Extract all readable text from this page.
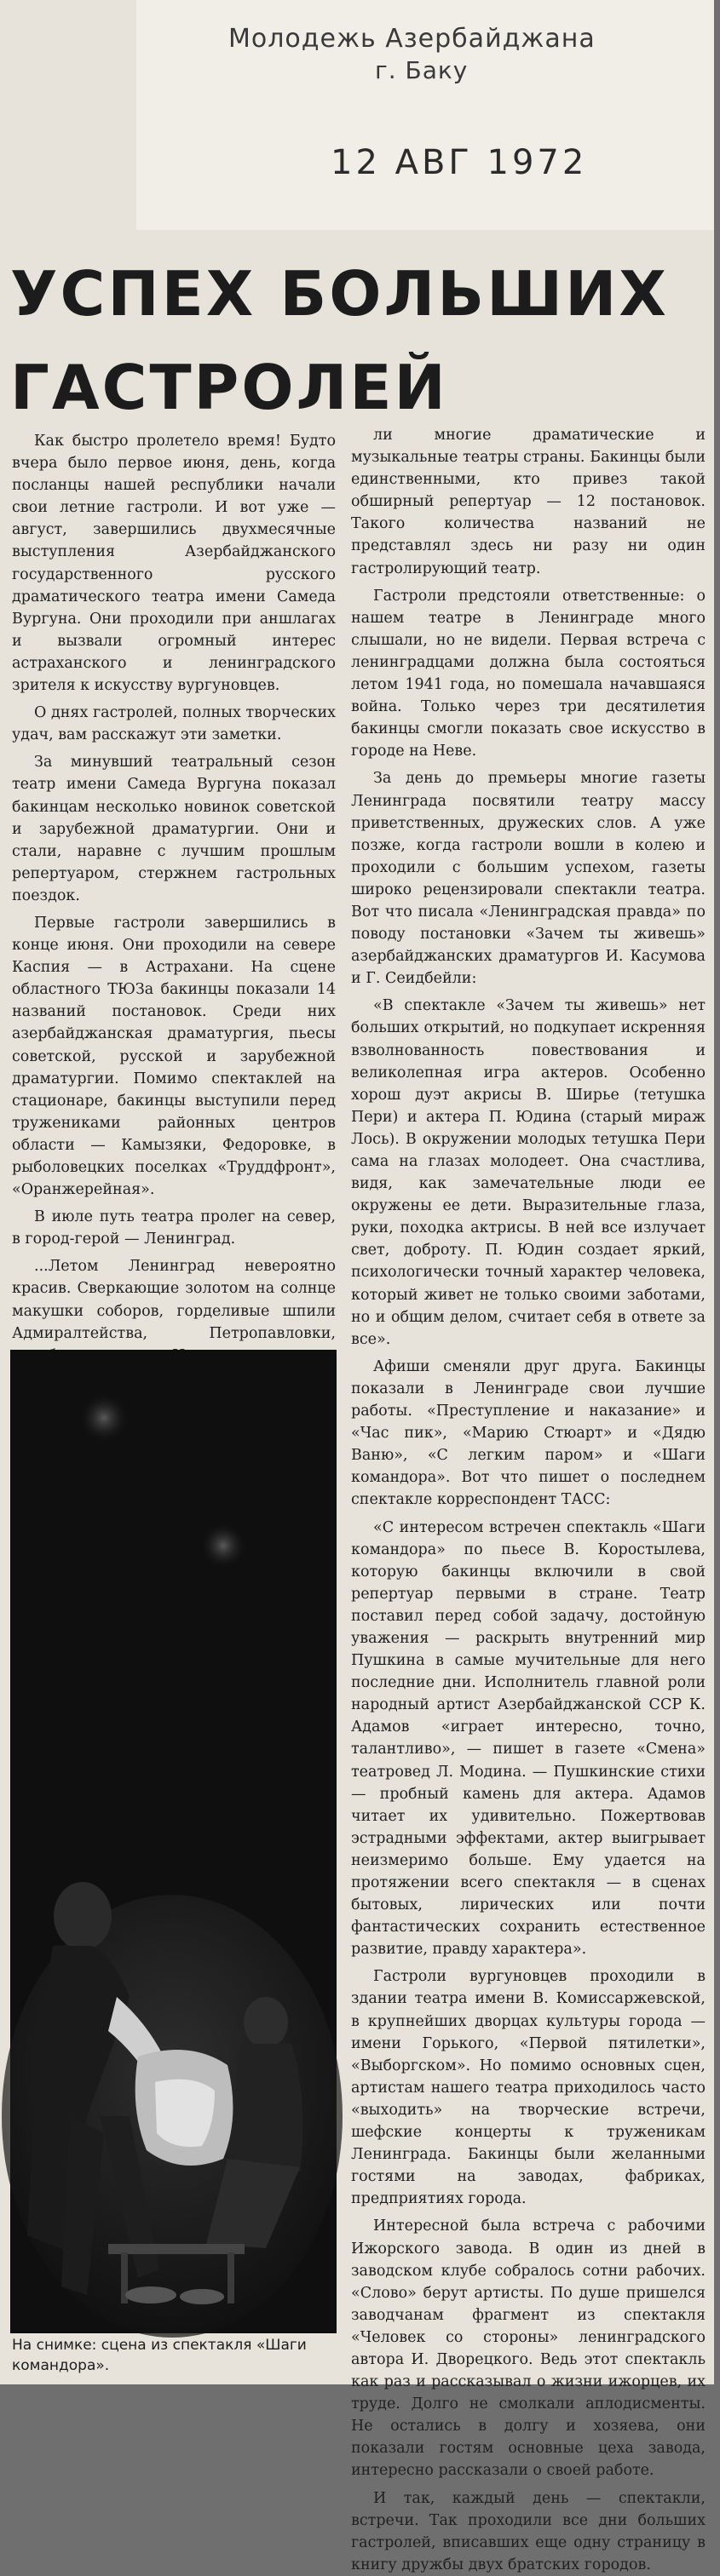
Молодежь Азербайджана
г. Баку
12 АВГ 1972
УСПЕХ БОЛЬШИХ
ГАСТРОЛЕЙ

Как быстро пролетело время! Будто вчера было первое июня, день, когда посланцы нашей республики начали свои летние гастроли. И вот уже — август, завершились двухмесячные выступления Азербайджанского государственного русского драматического театра имени Самеда Вургуна. Они проходили при аншлагах и вызвали огромный интерес астраханского и ленинградского зрителя к искусству вургуновцев.

О днях гастролей, полных творческих удач, вам расскажут эти заметки.

За минувший театральный сезон театр имени Самеда Вургуна показал бакинцам несколько новинок советской и зарубежной драматургии. Они и стали, наравне с лучшим прошлым репертуаром, стержнем гастрольных поездок.

Первые гастроли завершились в конце июня. Они проходили на севере Каспия — в Астрахани. На сцене областного ТЮЗа бакинцы показали 14 названий постановок. Среди них азербайджанская драматургия, пьесы советской, русской и зарубежной драматургии. Помимо спектаклей на стационаре, бакинцы выступили перед тружениками районных центров области — Камызяки, Федоровке, в рыболовецких поселках «Труддфронт», «Оранжерейная».

В июле путь театра пролег на север, в город-герой — Ленинград.

...Летом Ленинград невероятно красив. Сверкающие золотом на солнце макушки соборов, горделивые шпили Адмиралтейства, Петропавловки,

На снимке: сцена из спектакля «Шаги командора».

ли многие драматические и музыкальные театры страны. Бакинцы были единственными, кто привез такой обширный репертуар — 12 постановок. Такого количества названий не представлял здесь ни разу ни один гастролирующий театр.

Гастроли предстояли ответственные: о нашем театре в Ленинграде много слышали, но не видели. Первая встреча с ленинградцами должна была состояться летом 1941 года, но помешала начавшаяся война. Только через три десятилетия бакинцы смогли показать свое искусство в городе на Неве.

За день до премьеры многие газеты Ленинграда посвятили театру массу приветственных, дружеских слов. А уже позже, когда гастроли вошли в колею и проходили с большим успехом, газеты широко рецензировали спектакли театра. Вот что писала «Ленинградская правда» по поводу постановки «Зачем ты живешь» азербайджанских драматургов И. Касумова и Г. Сеидбейли:

«В спектакле «Зачем ты живешь» нет больших открытий, но подкупает искренняя взволнованность повествования и великолепная игра актеров. Особенно хорош дуэт акрисы В. Ширье (тетушка Пери) и актера П. Юдина (старый мираж Лось). В окружении молодых тетушка Пери сама на глазах молодеет. Она счастлива, видя, как замечательные люди ее окружены ее дети. Выразительные глаза, руки, походка актрисы. В ней все излучает свет, доброту. П. Юдин создает яркий, психологически точный характер человека, который живет не только своими заботами, но и общим делом, считает себя в ответе за все».

Афиши сменяли друг друга. Бакинцы показали в Ленинграде свои лучшие работы. «Преступление и наказание» и «Час пик», «Марию Стюарт» и «Дядю Ваню», «С легким паром» и «Шаги командора». Вот что пишет о последнем спектакле корреспондент ТАСС:

«С интересом встречен спектакль «Шаги командора» по пьесе В. Коростылева, которую бакинцы включили в свой репертуар первыми в стране. Театр поставил перед собой задачу, достойную уважения — раскрыть внутренний мир Пушкина в самые мучительные для него последние дни. Исполнитель главной роли народный артист Азербайджанской ССР К. Адамов «играет интересно, точно, талантливо», — пишет в газете «Смена» театровед Л. Модина. — Пушкинские стихи — пробный камень для актера. Адамов читает их удивительно. Пожертвовав эстрадными эффектами, актер выигрывает неизмеримо больше. Ему удается на протяжении всего спектакля — в сценах бытовых, лирических или почти фантастических сохранить естественное развитие, правду характера».

Гастроли вургуновцев проходили в здании театра имени В. Комиссаржевской, в крупнейших дворцах культуры города — имени Горького, «Первой пятилетки», «Выборгском». Но помимо основных сцен, артистам нашего театра приходилось часто «выходить» на творческие встречи, шефские концерты к труженикам Ленинграда. Бакинцы были желанными гостями на заводах, фабриках, предприятиях города.

Интересной была встреча с рабочими Ижорского завода. В один из дней в заводском клубе собралось сотни рабочих. «Слово» берут артисты. По душе пришелся заводчанам фрагмент из спектакля «Человек со стороны» ленинградского автора И. Дворецкого. Ведь этот спектакль как раз и рассказывал о жизни ижорцев, их труде. Долго не смолкали аплодисменты. Не остались в долгу и хозяева, они показали гостям основные цеха завода, интересно рассказали о своей работе.

И так, каждый день — спектакли, встречи. Так проходили все дни больших гастролей, вписавших еще одну страницу в книгу дружбы двух братских городов.
